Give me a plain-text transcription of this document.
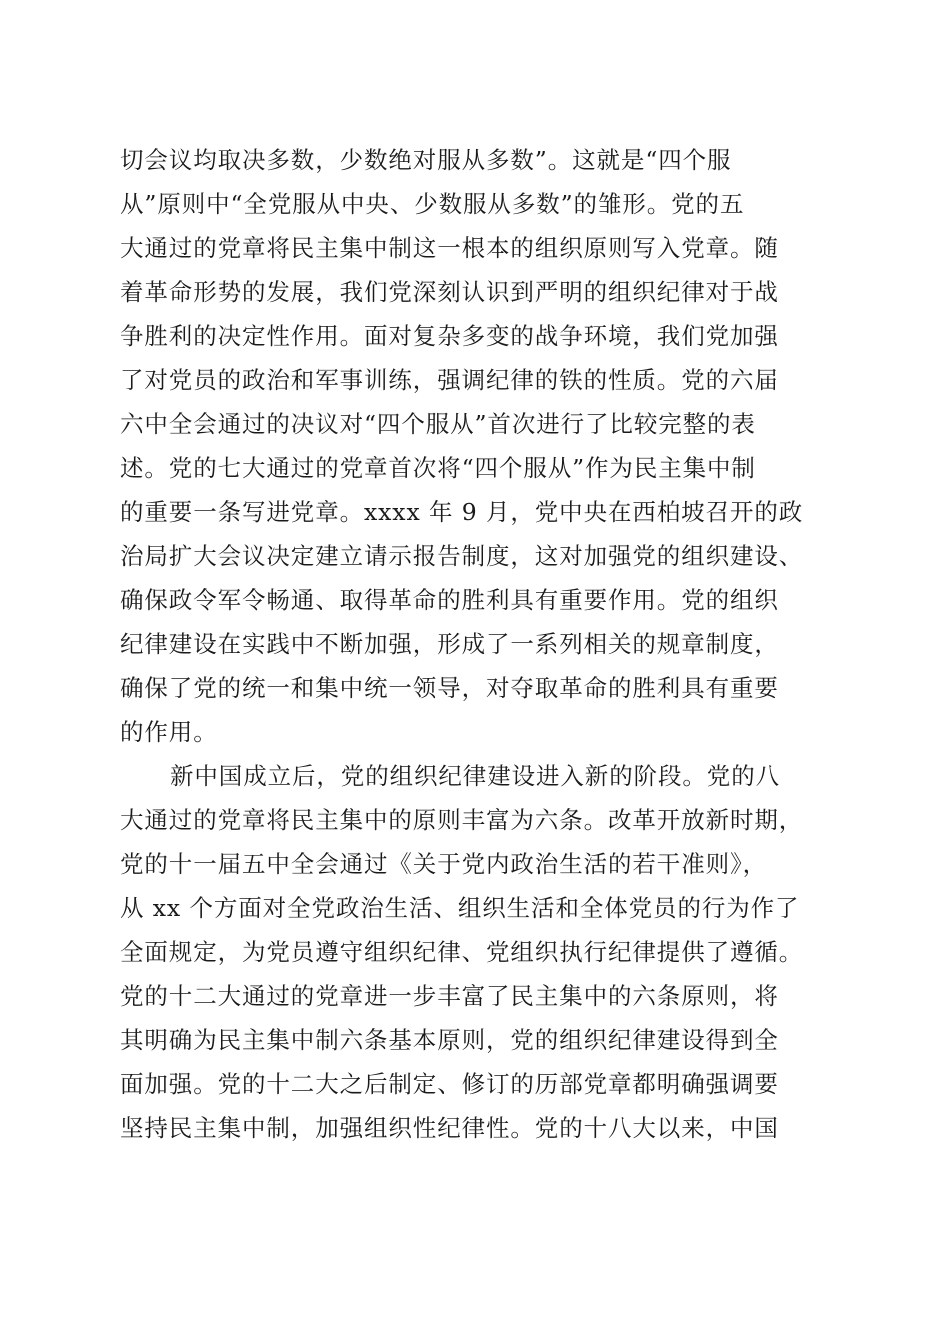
切会议均取决多数，少数绝对服从多数”。这就是“四个服
从”原则中“全党服从中央、少数服从多数”的雏形。党的五
大通过的党章将民主集中制这一根本的组织原则写入党章。随
着革命形势的发展，我们党深刻认识到严明的组织纪律对于战
争胜利的决定性作用。面对复杂多变的战争环境，我们党加强
了对党员的政治和军事训练，强调纪律的铁的性质。党的六届
六中全会通过的决议对“四个服从”首次进行了比较完整的表
述。党的七大通过的党章首次将“四个服从”作为民主集中制
的重要一条写进党章。xxxx 年 9 月，党中央在西柏坡召开的政
治局扩大会议决定建立请示报告制度，这对加强党的组织建设、
确保政令军令畅通、取得革命的胜利具有重要作用。党的组织
纪律建设在实践中不断加强，形成了一系列相关的规章制度，
确保了党的统一和集中统一领导，对夺取革命的胜利具有重要
的作用。
新中国成立后，党的组织纪律建设进入新的阶段。党的八
大通过的党章将民主集中的原则丰富为六条。改革开放新时期，
党的十一届五中全会通过《关于党内政治生活的若干准则》，
从 xx 个方面对全党政治生活、组织生活和全体党员的行为作了
全面规定，为党员遵守组织纪律、党组织执行纪律提供了遵循。
党的十二大通过的党章进一步丰富了民主集中的六条原则，将
其明确为民主集中制六条基本原则，党的组织纪律建设得到全
面加强。党的十二大之后制定、修订的历部党章都明确强调要
坚持民主集中制，加强组织性纪律性。党的十八大以来，中国
